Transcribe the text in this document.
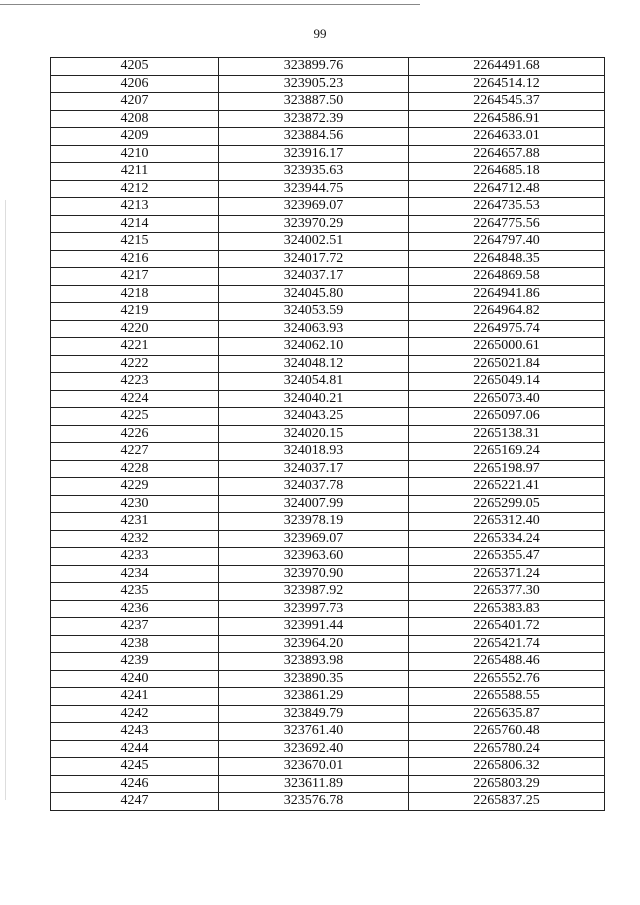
99
4205	323899.76	2264491.68
4206	323905.23	2264514.12
4207	323887.50	2264545.37
4208	323872.39	2264586.91
4209	323884.56	2264633.01
4210	323916.17	2264657.88
4211	323935.63	2264685.18
4212	323944.75	2264712.48
4213	323969.07	2264735.53
4214	323970.29	2264775.56
4215	324002.51	2264797.40
4216	324017.72	2264848.35
4217	324037.17	2264869.58
4218	324045.80	2264941.86
4219	324053.59	2264964.82
4220	324063.93	2264975.74
4221	324062.10	2265000.61
4222	324048.12	2265021.84
4223	324054.81	2265049.14
4224	324040.21	2265073.40
4225	324043.25	2265097.06
4226	324020.15	2265138.31
4227	324018.93	2265169.24
4228	324037.17	2265198.97
4229	324037.78	2265221.41
4230	324007.99	2265299.05
4231	323978.19	2265312.40
4232	323969.07	2265334.24
4233	323963.60	2265355.47
4234	323970.90	2265371.24
4235	323987.92	2265377.30
4236	323997.73	2265383.83
4237	323991.44	2265401.72
4238	323964.20	2265421.74
4239	323893.98	2265488.46
4240	323890.35	2265552.76
4241	323861.29	2265588.55
4242	323849.79	2265635.87
4243	323761.40	2265760.48
4244	323692.40	2265780.24
4245	323670.01	2265806.32
4246	323611.89	2265803.29
4247	323576.78	2265837.25
